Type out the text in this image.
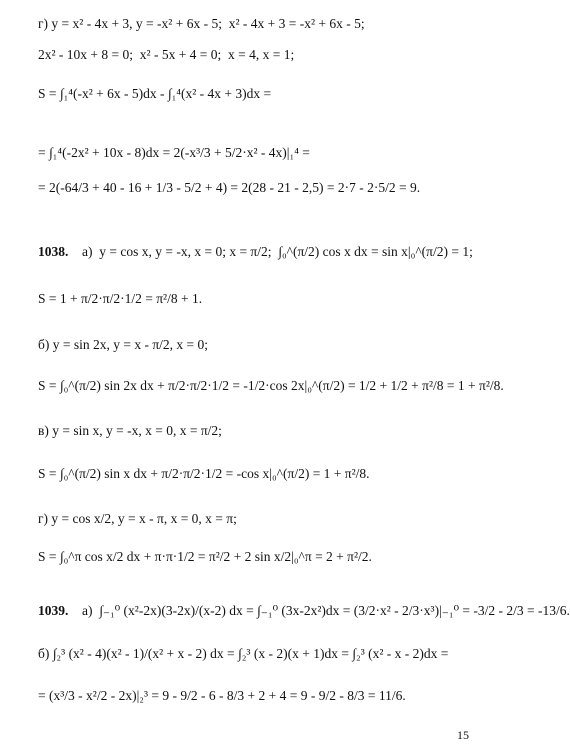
г) y = x² - 4x + 3, y = -x² + 6x - 5;  x² - 4x + 3 = -x² + 6x - 5;
2x² - 10x + 8 = 0;  x² - 5x + 4 = 0;  x = 4, x = 1;
S = ∫₁⁴(-x² + 6x - 5)dx - ∫₁⁴(x² - 4x + 3)dx =
= ∫₁⁴(-2x² + 10x - 8)dx = 2(-x³/3 + 5/2·x² - 4x)|₁⁴ =
= 2(-64/3 + 40 - 16 + 1/3 - 5/2 + 4) = 2(28 - 21 - 2,5) = 2·7 - 2·5/2 = 9.
1038. а)  y = cos x, y = -x, x = 0; x = π/2;  ∫₀^(π/2) cos x dx = sin x|₀^(π/2) = 1;
S = 1 + π/2·π/2·1/2 = π²/8 + 1.
б) y = sin 2x, y = x - π/2, x = 0;
S = ∫₀^(π/2) sin 2x dx + π/2·π/2·1/2 = -1/2·cos 2x|₀^(π/2) = 1/2 + 1/2 + π²/8 = 1 + π²/8.
в) y = sin x, y = -x, x = 0, x = π/2;
S = ∫₀^(π/2) sin x dx + π/2·π/2·1/2 = -cos x|₀^(π/2) = 1 + π²/8.
г) y = cos x/2, y = x - π, x = 0, x = π;
S = ∫₀^π cos x/2 dx + π·π·1/2 = π²/2 + 2 sin x/2|₀^π = 2 + π²/2.
1039. а)  ∫₋₁⁰ (x²-2x)(3-2x)/(x-2) dx = ∫₋₁⁰ (3x-2x²)dx = (3/2·x² - 2/3·x³)|₋₁⁰ = -3/2 - 2/3 = -13/6.
б) ∫₂³ (x² - 4)(x² - 1)/(x² + x - 2) dx = ∫₂³ (x - 2)(x + 1)dx = ∫₂³ (x² - x - 2)dx =
= (x³/3 - x²/2 - 2x)|₂³ = 9 - 9/2 - 6 - 8/3 + 2 + 4 = 9 - 9/2 - 8/3 = 11/6.
15
